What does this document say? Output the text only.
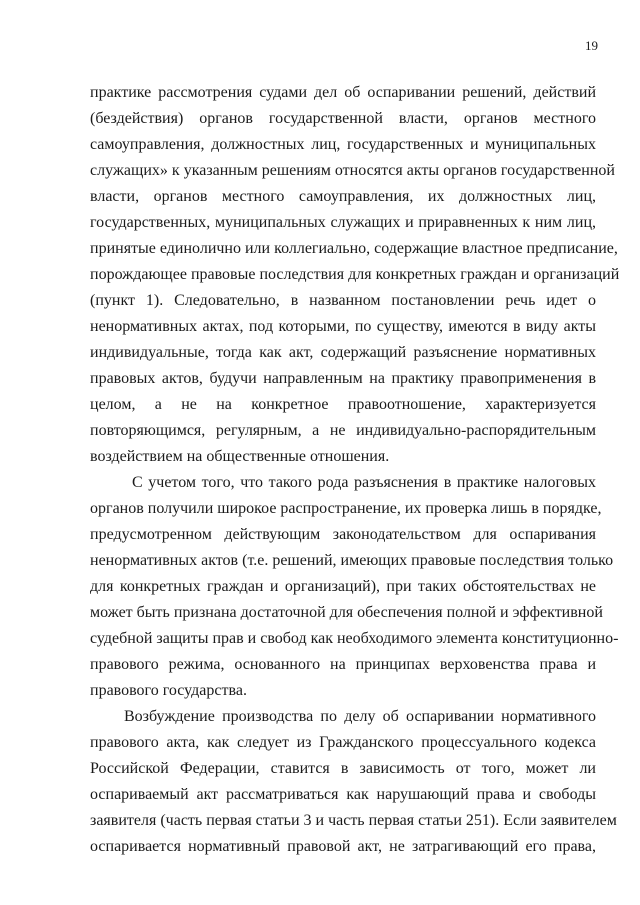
19
практике рассмотрения судами дел об оспаривании решений, действий
(бездействия) органов государственной власти, органов местного
самоуправления, должностных лиц, государственных и муниципальных
служащих» к указанным решениям относятся акты органов государственной
власти, органов местного самоуправления, их должностных лиц,
государственных, муниципальных служащих и приравненных к ним лиц,
принятые единолично или коллегиально, содержащие властное предписание,
порождающее правовые последствия для конкретных граждан и организаций
(пункт 1). Следовательно, в названном постановлении речь идет о
ненормативных актах, под которыми, по существу, имеются в виду акты
индивидуальные, тогда как акт, содержащий разъяснение нормативных
правовых актов, будучи направленным на практику правоприменения в
целом, а не на конкретное правоотношение, характеризуется
повторяющимся, регулярным, а не индивидуально-распорядительным
воздействием на общественные отношения.
С учетом того, что такого рода разъяснения в практике налоговых
органов получили широкое распространение, их проверка лишь в порядке,
предусмотренном действующим законодательством для оспаривания
ненормативных актов (т.е. решений, имеющих правовые последствия только
для конкретных граждан и организаций), при таких обстоятельствах не
может быть признана достаточной для обеспечения полной и эффективной
судебной защиты прав и свобод как необходимого элемента конституционно-
правового режима, основанного на принципах верховенства права и
правового государства.
Возбуждение производства по делу об оспаривании нормативного
правового акта, как следует из Гражданского процессуального кодекса
Российской Федерации, ставится в зависимость от того, может ли
оспариваемый акт рассматриваться как нарушающий права и свободы
заявителя (часть первая статьи 3 и часть первая статьи 251). Если заявителем
оспаривается нормативный правовой акт, не затрагивающий его права,
